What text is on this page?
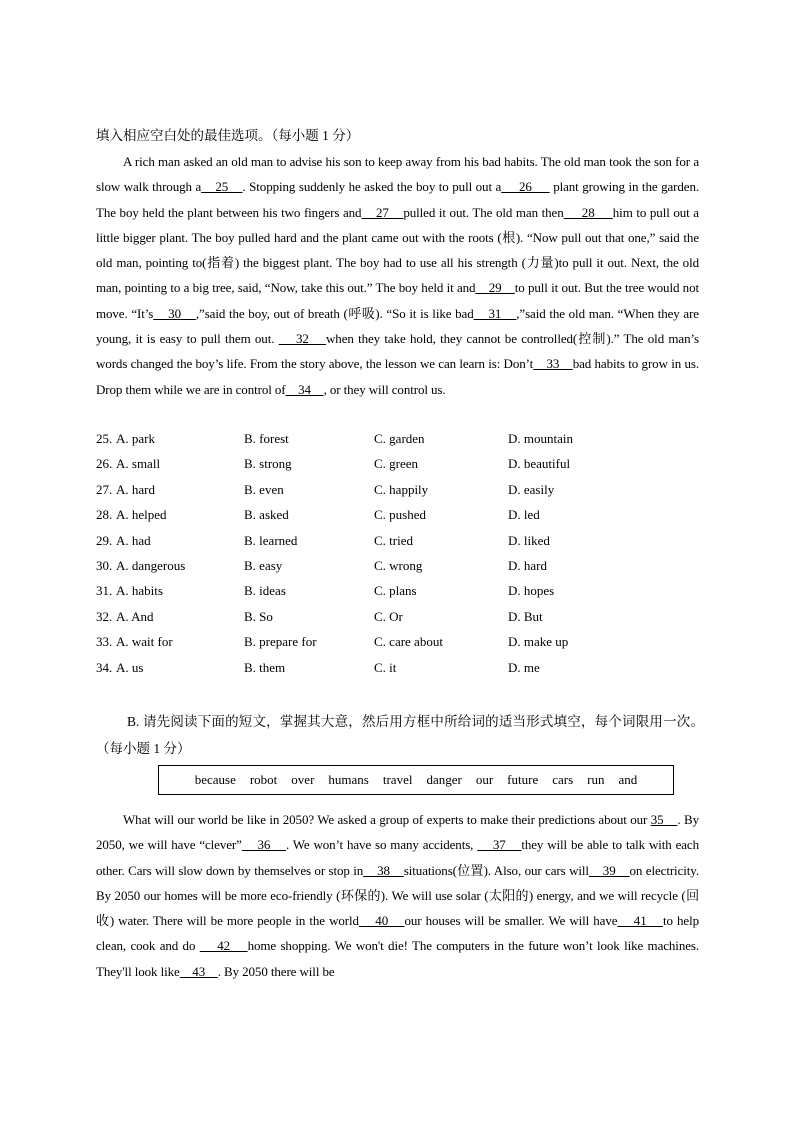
填入相应空白处的最佳选项。（每小题 1 分）
A rich man asked an old man to advise his son to keep away from his bad habits. The old man took the son for a slow walk through a    25    . Stopping suddenly he asked the boy to pull out a     26      plant growing in the garden. The boy held the plant between his two fingers and    27    pulled it out. The old man then     28     him to pull out a little bigger plant. The boy pulled hard and the plant came out with the roots (根). “Now pull out that one,” said the old man, pointing to(指着) the biggest plant. The boy had to use all his strength (力量)to pull it out. Next, the old man, pointing to a big tree, said, “Now, take this out.” The boy held it and    29    to pull it out. But the tree would not move. “It’s    30    ,”said the boy, out of breath (呼吸). “So it is like bad    31    ,”said the old man. “When they are young, it is easy to pull them out.     32    when they take hold, they cannot be controlled(控制).” The old man’s words changed the boy’s life. From the story above, the lesson we can learn is: Don’t    33    bad habits to grow in us. Drop them while we are in control of    34    , or they will control us.
25. A. park	B. forest	C. garden	D. mountain
26. A. small	B. strong	C. green	D. beautiful
27. A. hard	B. even	C. happily	D. easily
28. A. helped	B. asked	C. pushed	D. led
29. A. had	B. learned	C. tried	D. liked
30. A. dangerous	B. easy	C. wrong	D. hard
31. A. habits	B. ideas	C. plans	D. hopes
32. A. And	B. So	C. Or	D. But
33. A. wait for	B. prepare for	C. care about	D. make up
34. A. us	B. them	C. it	D. me
B. 请先阅读下面的短文，掌握其大意，然后用方框中所给词的适当形式填空，每个词限用一次。（每小题 1 分）
because robot over humans travel danger our future cars run and
What will our world be like in 2050? We asked a group of experts to make their predictions about our 35    . By 2050, we will have “clever”    36    . We won’t have so many accidents,     37    they will be able to talk with each other. Cars will slow down by themselves or stop in    38    situations(位置). Also, our cars will    39    on electricity. By 2050 our homes will be more eco-friendly (环保的). We will use solar (太阳的) energy, and we will recycle (回收) water. There will be more people in the world    40    our houses will be smaller. We will have    41    to help clean, cook and do     42    home shopping. We won't die! The computers in the future won’t look like machines. They'll look like    43    . By 2050 there will be
